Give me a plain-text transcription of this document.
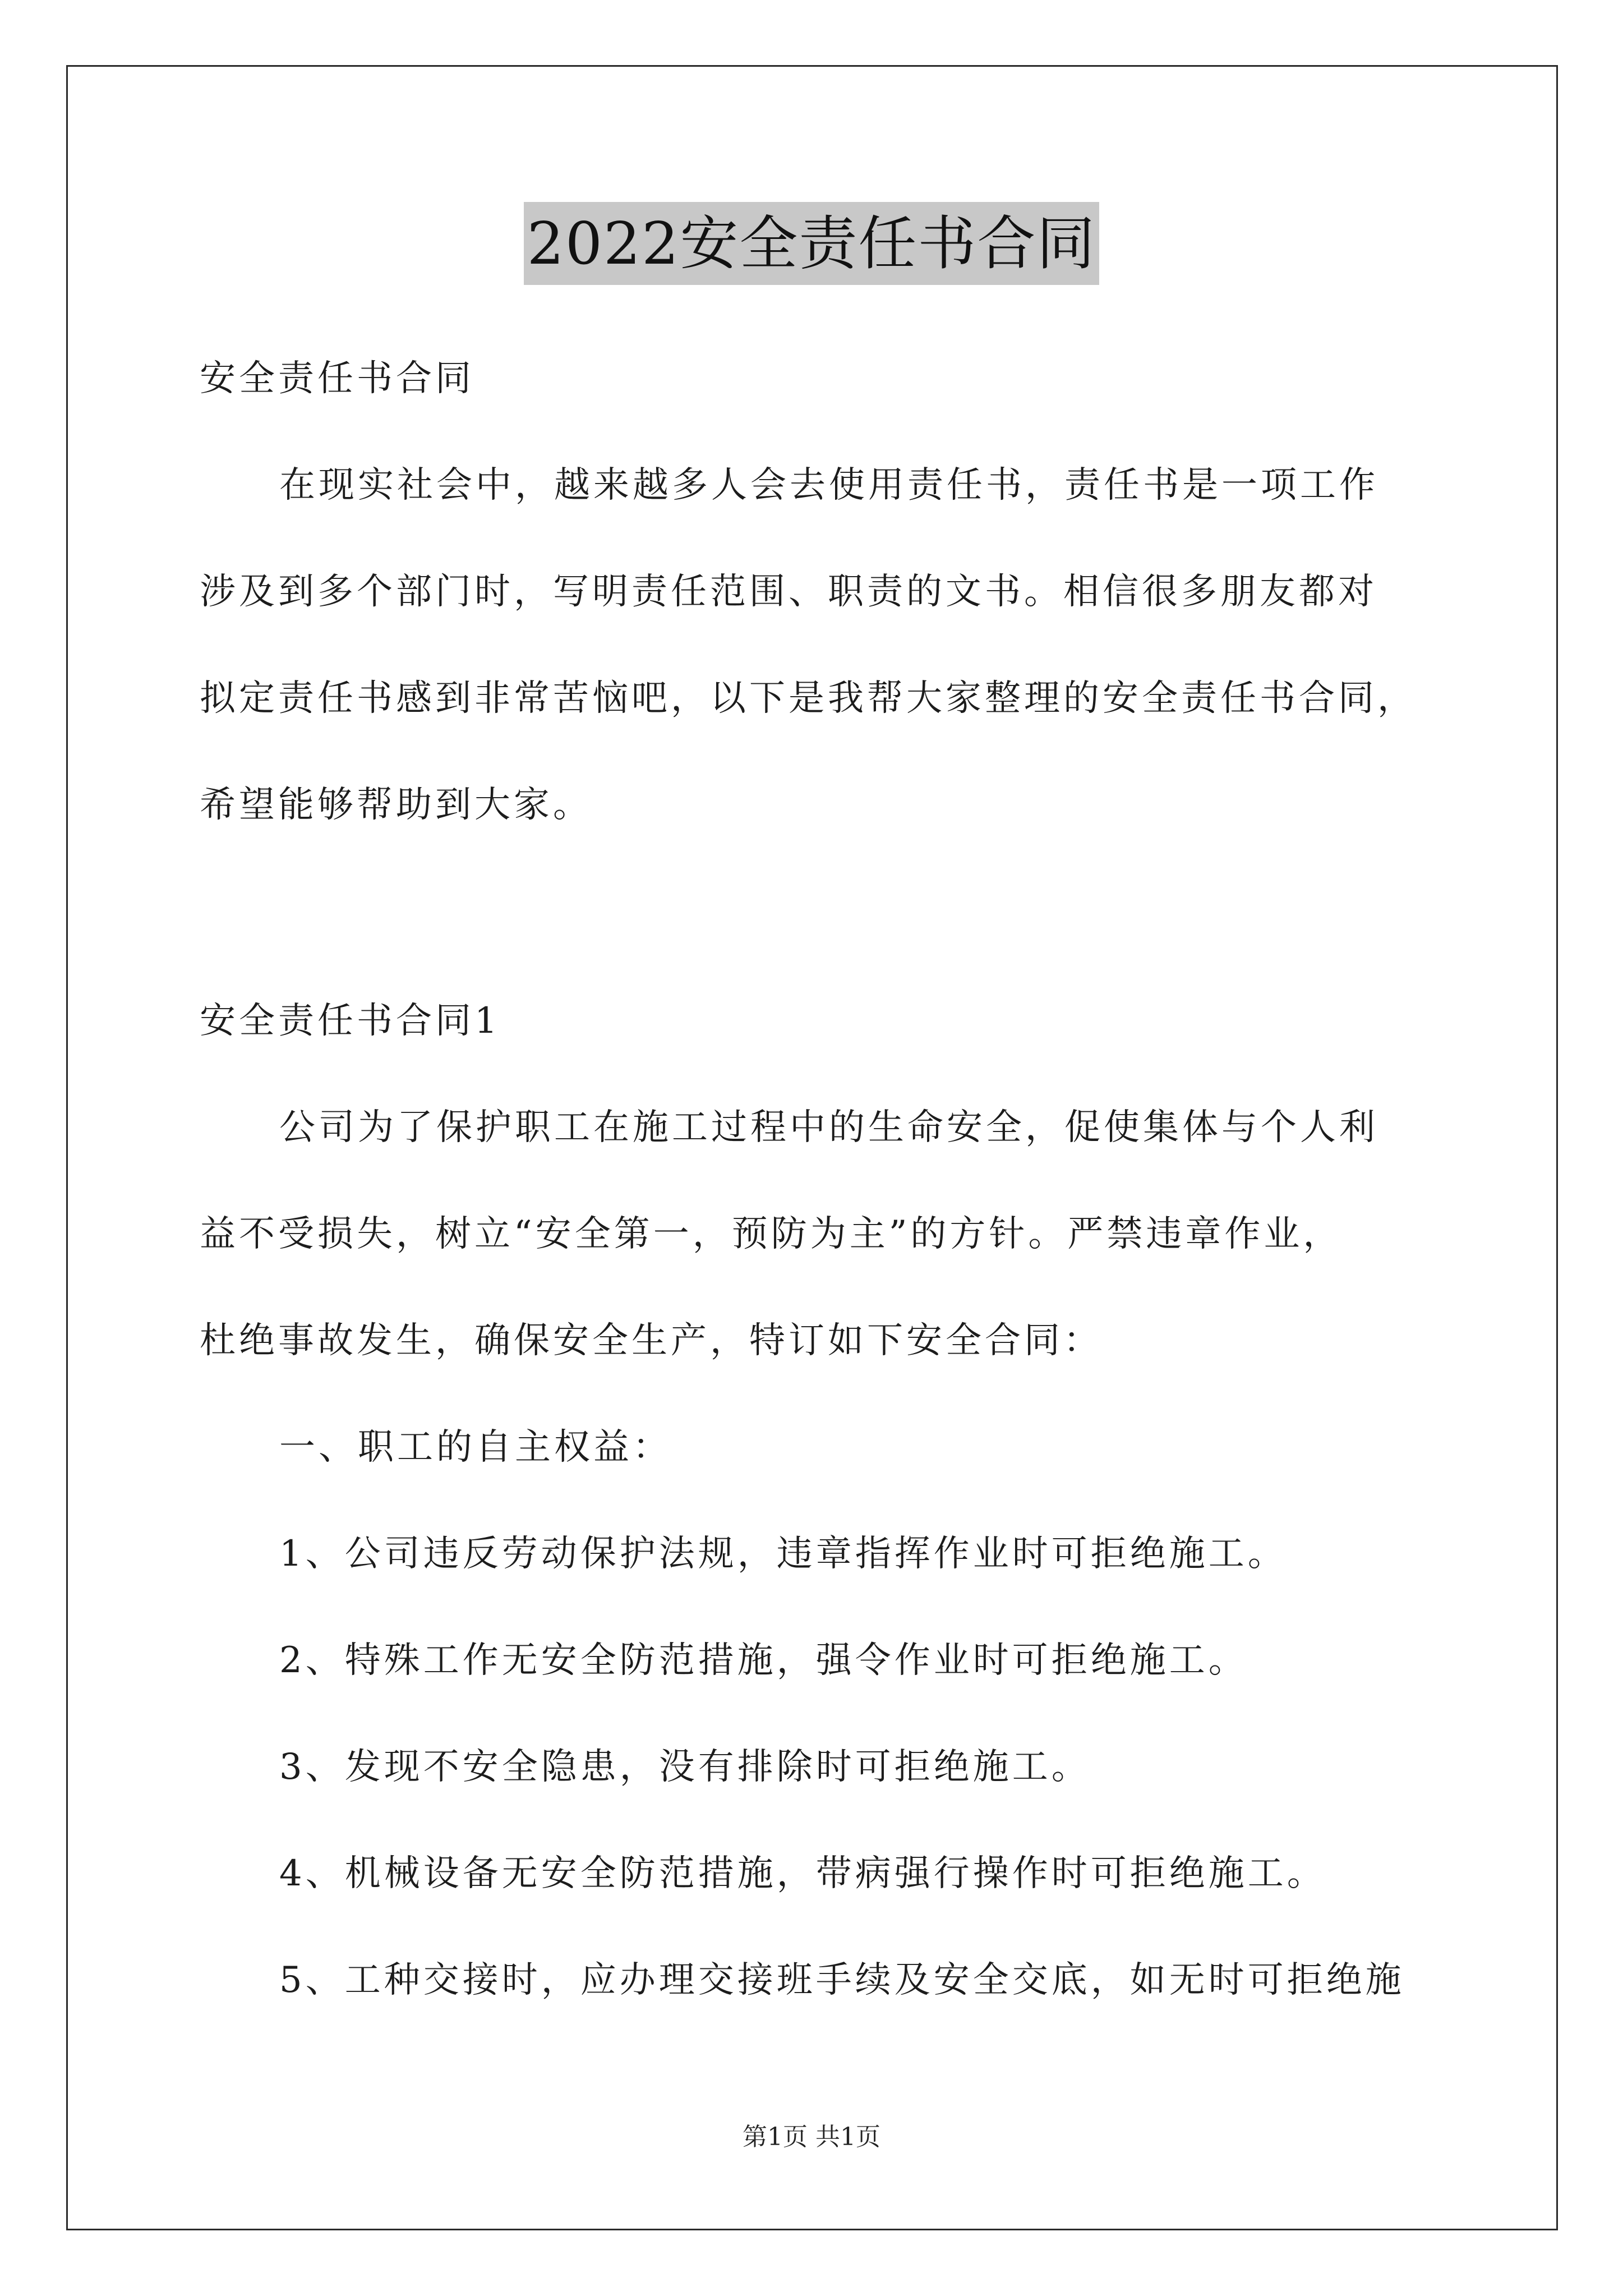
2022安全责任书合同
安全责任书合同
在现实社会中，越来越多人会去使用责任书，责任书是一项工作
涉及到多个部门时，写明责任范围、职责的文书。相信很多朋友都对
拟定责任书感到非常苦恼吧，以下是我帮大家整理的安全责任书合同，
希望能够帮助到大家。
安全责任书合同1
公司为了保护职工在施工过程中的生命安全，促使集体与个人利
益不受损失，树立“安全第一，预防为主”的方针。严禁违章作业，
杜绝事故发生，确保安全生产，特订如下安全合同：
一、职工的自主权益：
1、公司违反劳动保护法规，违章指挥作业时可拒绝施工。
2、特殊工作无安全防范措施，强令作业时可拒绝施工。
3、发现不安全隐患，没有排除时可拒绝施工。
4、机械设备无安全防范措施，带病强行操作时可拒绝施工。
5、工种交接时，应办理交接班手续及安全交底，如无时可拒绝施
第1页 共1页
